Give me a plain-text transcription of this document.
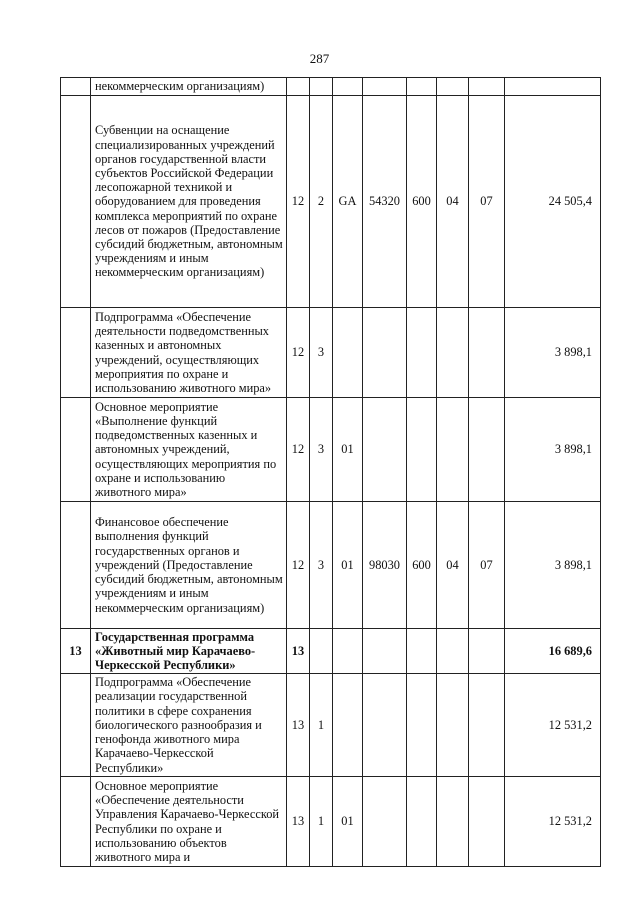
287
	некоммерческим организациям)								
	Субвенции на оснащение специализированных учреждений органов государственной власти субъектов Российской Федерации лесопожарной техникой и оборудованием для проведения комплекса мероприятий по охране лесов от пожаров (Предоставление субсидий бюджетным, автономным учреждениям и иным некоммерческим организациям)	12	2	GA	54320	600	04	07	24 505,4
	Подпрограмма «Обеспечение деятельности подведомственных казенных и автономных учреждений, осуществляющих мероприятия по охране и использованию животного мира»	12	3						3 898,1
	Основное мероприятие «Выполнение функций подведомственных казенных и автономных учреждений, осуществляющих мероприятия по охране и использованию животного мира»	12	3	01					3 898,1
	Финансовое обеспечение выполнения функций государственных органов и учреждений (Предоставление субсидий бюджетным, автономным учреждениям и иным некоммерческим организациям)	12	3	01	98030	600	04	07	3 898,1
13	Государственная программа «Животный мир Карачаево-Черкесской Республики»	13							16 689,6
	Подпрограмма «Обеспечение реализации государственной политики в сфере сохранения биологического разнообразия и генофонда животного мира Карачаево-Черкесской Республики»	13	1						12 531,2
	Основное мероприятие «Обеспечение деятельности Управления Карачаево-Черкесской Республики по охране и использованию объектов животного мира и	13	1	01					12 531,2
